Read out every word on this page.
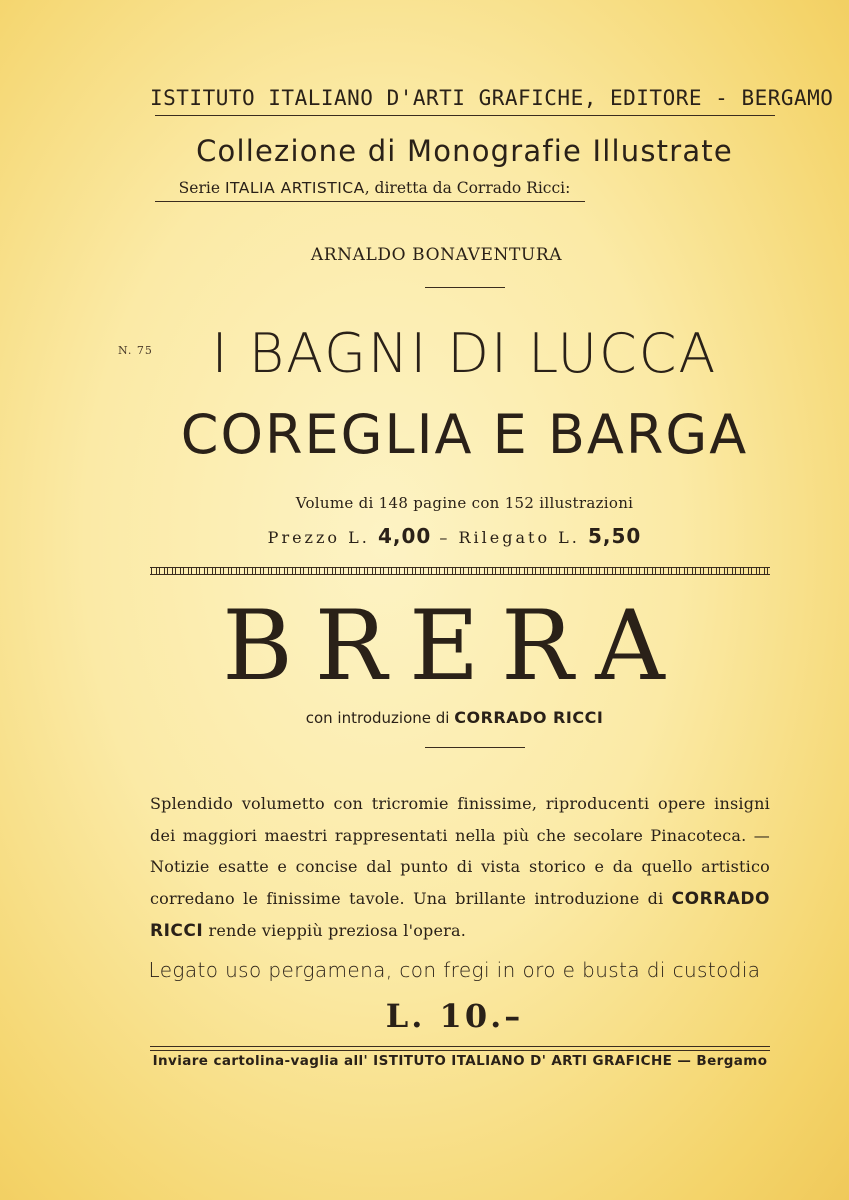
ISTITUTO ITALIANO D'ARTI GRAFICHE, EDITORE - BERGAMO
Collezione di Monografie Illustrate
Serie ITALIA ARTISTICA, diretta da Corrado Ricci:
ARNALDO BONAVENTURA
N. 75	I BAGNI DI LUCCA
COREGLIA E BARGA
Volume di 148 pagine con 152 illustrazioni
Prezzo L. 4,00 – Rilegato L. 5,50
BRERA
con introduzione di CORRADO RICCI
Splendido volumetto con tricromie finissime, riproducenti opere insigni dei maggiori maestri rappresentati nella più che secolare Pinacoteca. — Notizie esatte e concise dal punto di vista storico e da quello artistico corredano le finissime tavole. Una brillante introduzione di CORRADO RICCI rende vieppiù preziosa l'opera.
Legato uso pergamena, con fregi in oro e busta di custodia
L. 10.–
Inviare cartolina-vaglia all' ISTITUTO ITALIANO D' ARTI GRAFICHE — Bergamo
